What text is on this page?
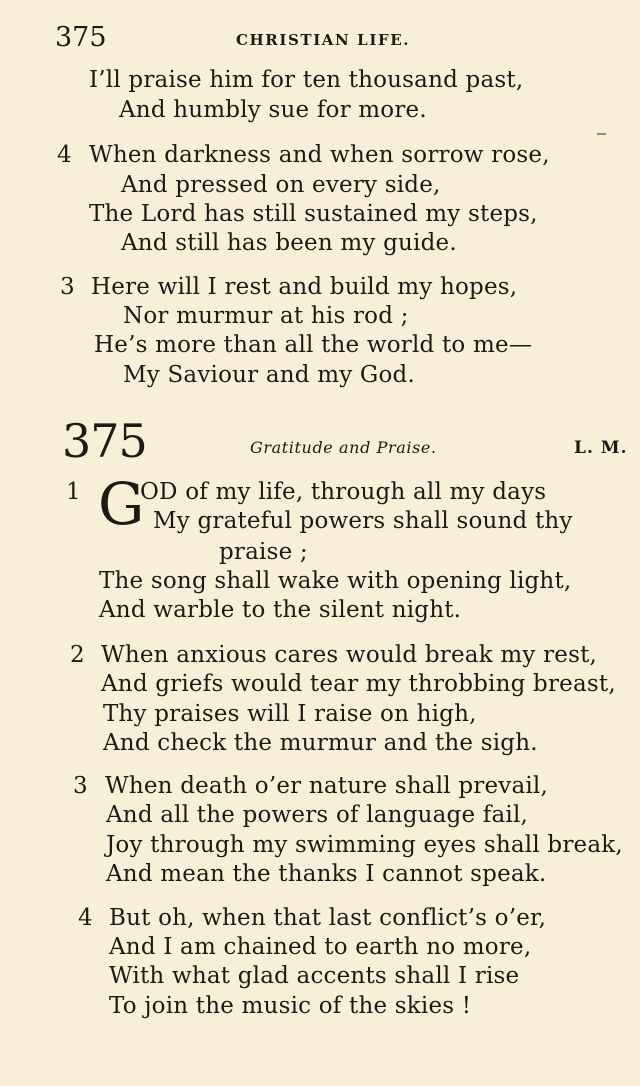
375	CHRISTIAN LIFE.
I’ll praise him for ten thousand past,
And humbly sue for more.
4 When darkness and when sorrow rose,
And pressed on every side,
The Lord has still sustained my steps,
And still has been my guide.
3 Here will I rest and build my hopes,
Nor murmur at his rod ;
He’s more than all the world to me—
My Saviour and my God.
375	Gratitude and Praise.	L. M.
1 G
OD of my life, through all my days
My grateful powers shall sound thy
praise ;
The song shall wake with opening light,
And warble to the silent night.
2 When anxious cares would break my rest,
And griefs would tear my throbbing breast,
Thy praises will I raise on high,
And check the murmur and the sigh.
3 When death o’er nature shall prevail,
And all the powers of language fail,
Joy through my swimming eyes shall break,
And mean the thanks I cannot speak.
4 But oh, when that last conflict’s o’er,
And I am chained to earth no more,
With what glad accents shall I rise
To join the music of the skies !
